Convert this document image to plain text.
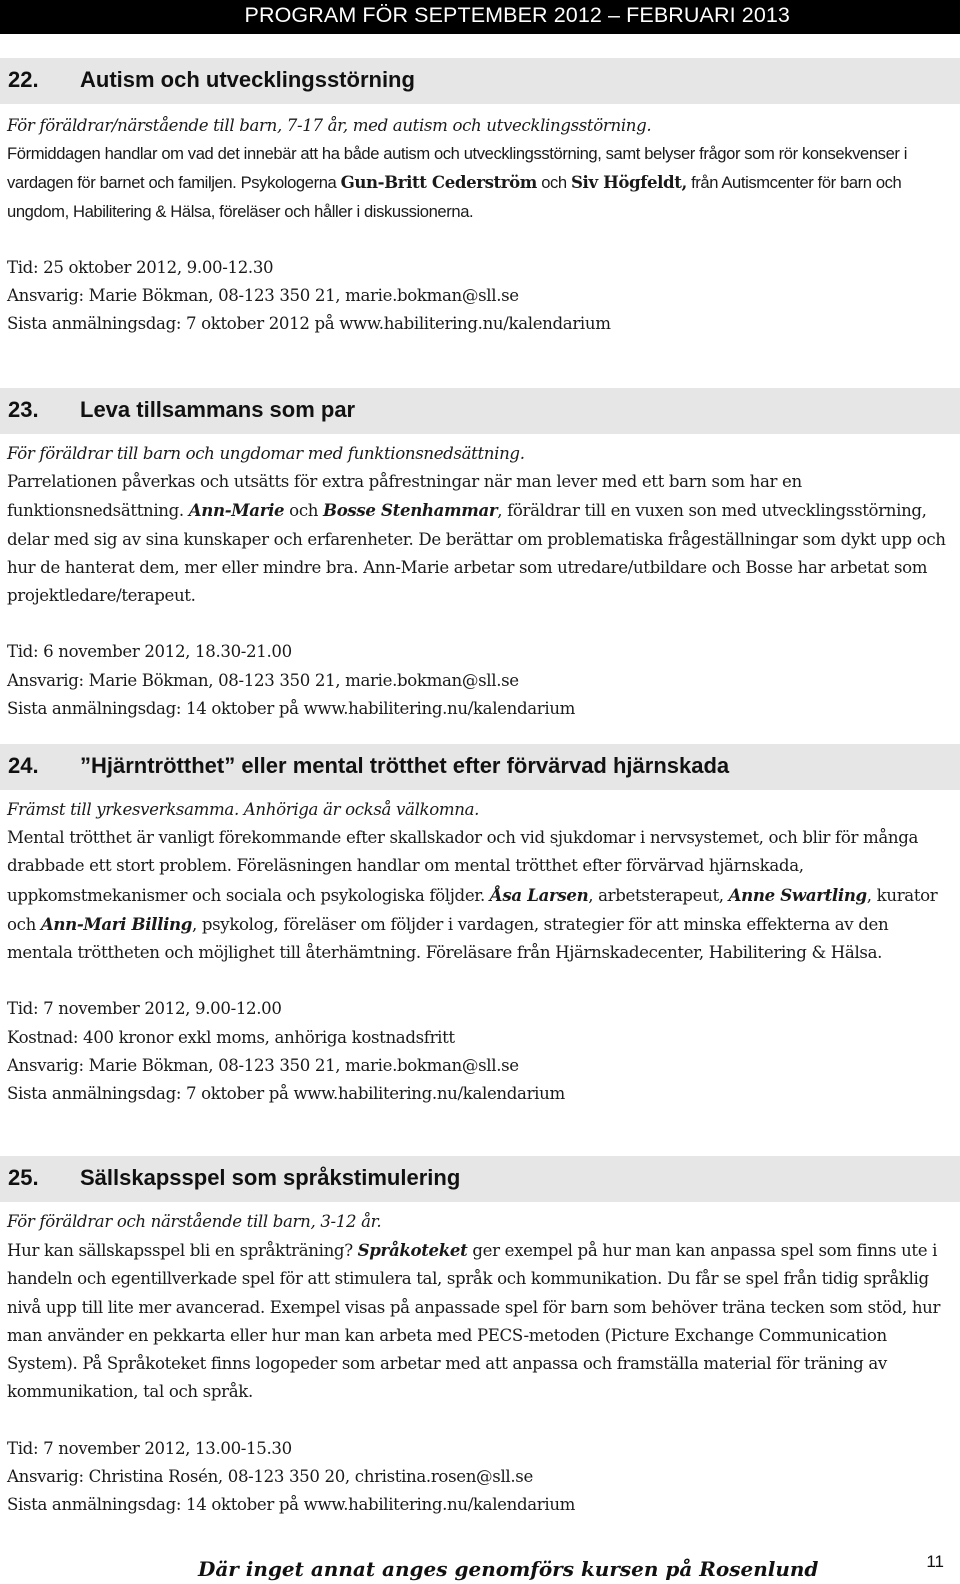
PROGRAM FÖR SEPTEMBER 2012 – FEBRUARI 2013
22. Autism och utvecklingsstörning

För föräldrar/närstående till barn, 7-17 år, med autism och utvecklingsstörning.

Förmiddagen handlar om vad det innebär att ha både autism och utvecklingsstörning, samt belyser frågor som rör konsekvenser i vardagen för barnet och familjen. Psykologerna Gun-Britt Cederström och Siv Högfeldt, från Autismcenter för barn och ungdom, Habilitering & Hälsa, föreläser och håller i diskussionerna.

Tid: 25 oktober 2012, 9.00-12.30

Ansvarig: Marie Bökman, 08-123 350 21, marie.bokman@sll.se

Sista anmälningsdag: 7 oktober 2012 på www.habilitering.nu/kalendarium

23. Leva tillsammans som par

För föräldrar till barn och ungdomar med funktionsnedsättning.

Parrelationen påverkas och utsätts för extra påfrestningar när man lever med ett barn som har en funktionsnedsättning. Ann-Marie och Bosse Stenhammar, föräldrar till en vuxen son med utvecklingsstörning, delar med sig av sina kunskaper och erfarenheter. De berättar om problematiska frågeställningar som dykt upp och hur de hanterat dem, mer eller mindre bra. Ann-Marie arbetar som utredare/utbildare och Bosse har arbetat som projektledare/terapeut.

Tid: 6 november 2012, 18.30-21.00

Ansvarig: Marie Bökman, 08-123 350 21, marie.bokman@sll.se

Sista anmälningsdag: 14 oktober på www.habilitering.nu/kalendarium

24. ”Hjärntrötthet” eller mental trötthet efter förvärvad hjärnskada

Främst till yrkesverksamma. Anhöriga är också välkomna.

Mental trötthet är vanligt förekommande efter skallskador och vid sjukdomar i nervsystemet, och blir för många drabbade ett stort problem. Föreläsningen handlar om mental trötthet efter förvärvad hjärnskada, uppkomstmekanismer och sociala och psykologiska följder. Åsa Larsen, arbetsterapeut, Anne Swartling, kurator och Ann-Mari Billing, psykolog, föreläser om följder i vardagen, strategier för att minska effekterna av den mentala tröttheten och möjlighet till återhämtning. Föreläsare från Hjärnskadecenter, Habilitering & Hälsa.

Tid: 7 november 2012, 9.00-12.00

Kostnad: 400 kronor exkl moms, anhöriga kostnadsfritt

Ansvarig: Marie Bökman, 08-123 350 21, marie.bokman@sll.se

Sista anmälningsdag: 7 oktober på www.habilitering.nu/kalendarium

25. Sällskapsspel som språkstimulering

För föräldrar och närstående till barn, 3-12 år.

Hur kan sällskapsspel bli en språkträning? Språkoteket ger exempel på hur man kan anpassa spel som finns ute i handeln och egentillverkade spel för att stimulera tal, språk och kommunikation. Du får se spel från tidig språklig nivå upp till lite mer avancerad. Exempel visas på anpassade spel för barn som behöver träna tecken som stöd, hur man använder en pekkarta eller hur man kan arbeta med PECS-metoden (Picture Exchange Communication System). På Språkoteket finns logopeder som arbetar med att anpassa och framställa material för träning av kommunikation, tal och språk.

Tid: 7 november 2012, 13.00-15.30

Ansvarig: Christina Rosén, 08-123 350 20, christina.rosen@sll.se

Sista anmälningsdag: 14 oktober på www.habilitering.nu/kalendarium

Där inget annat anges genomförs kursen på Rosenlund	11
